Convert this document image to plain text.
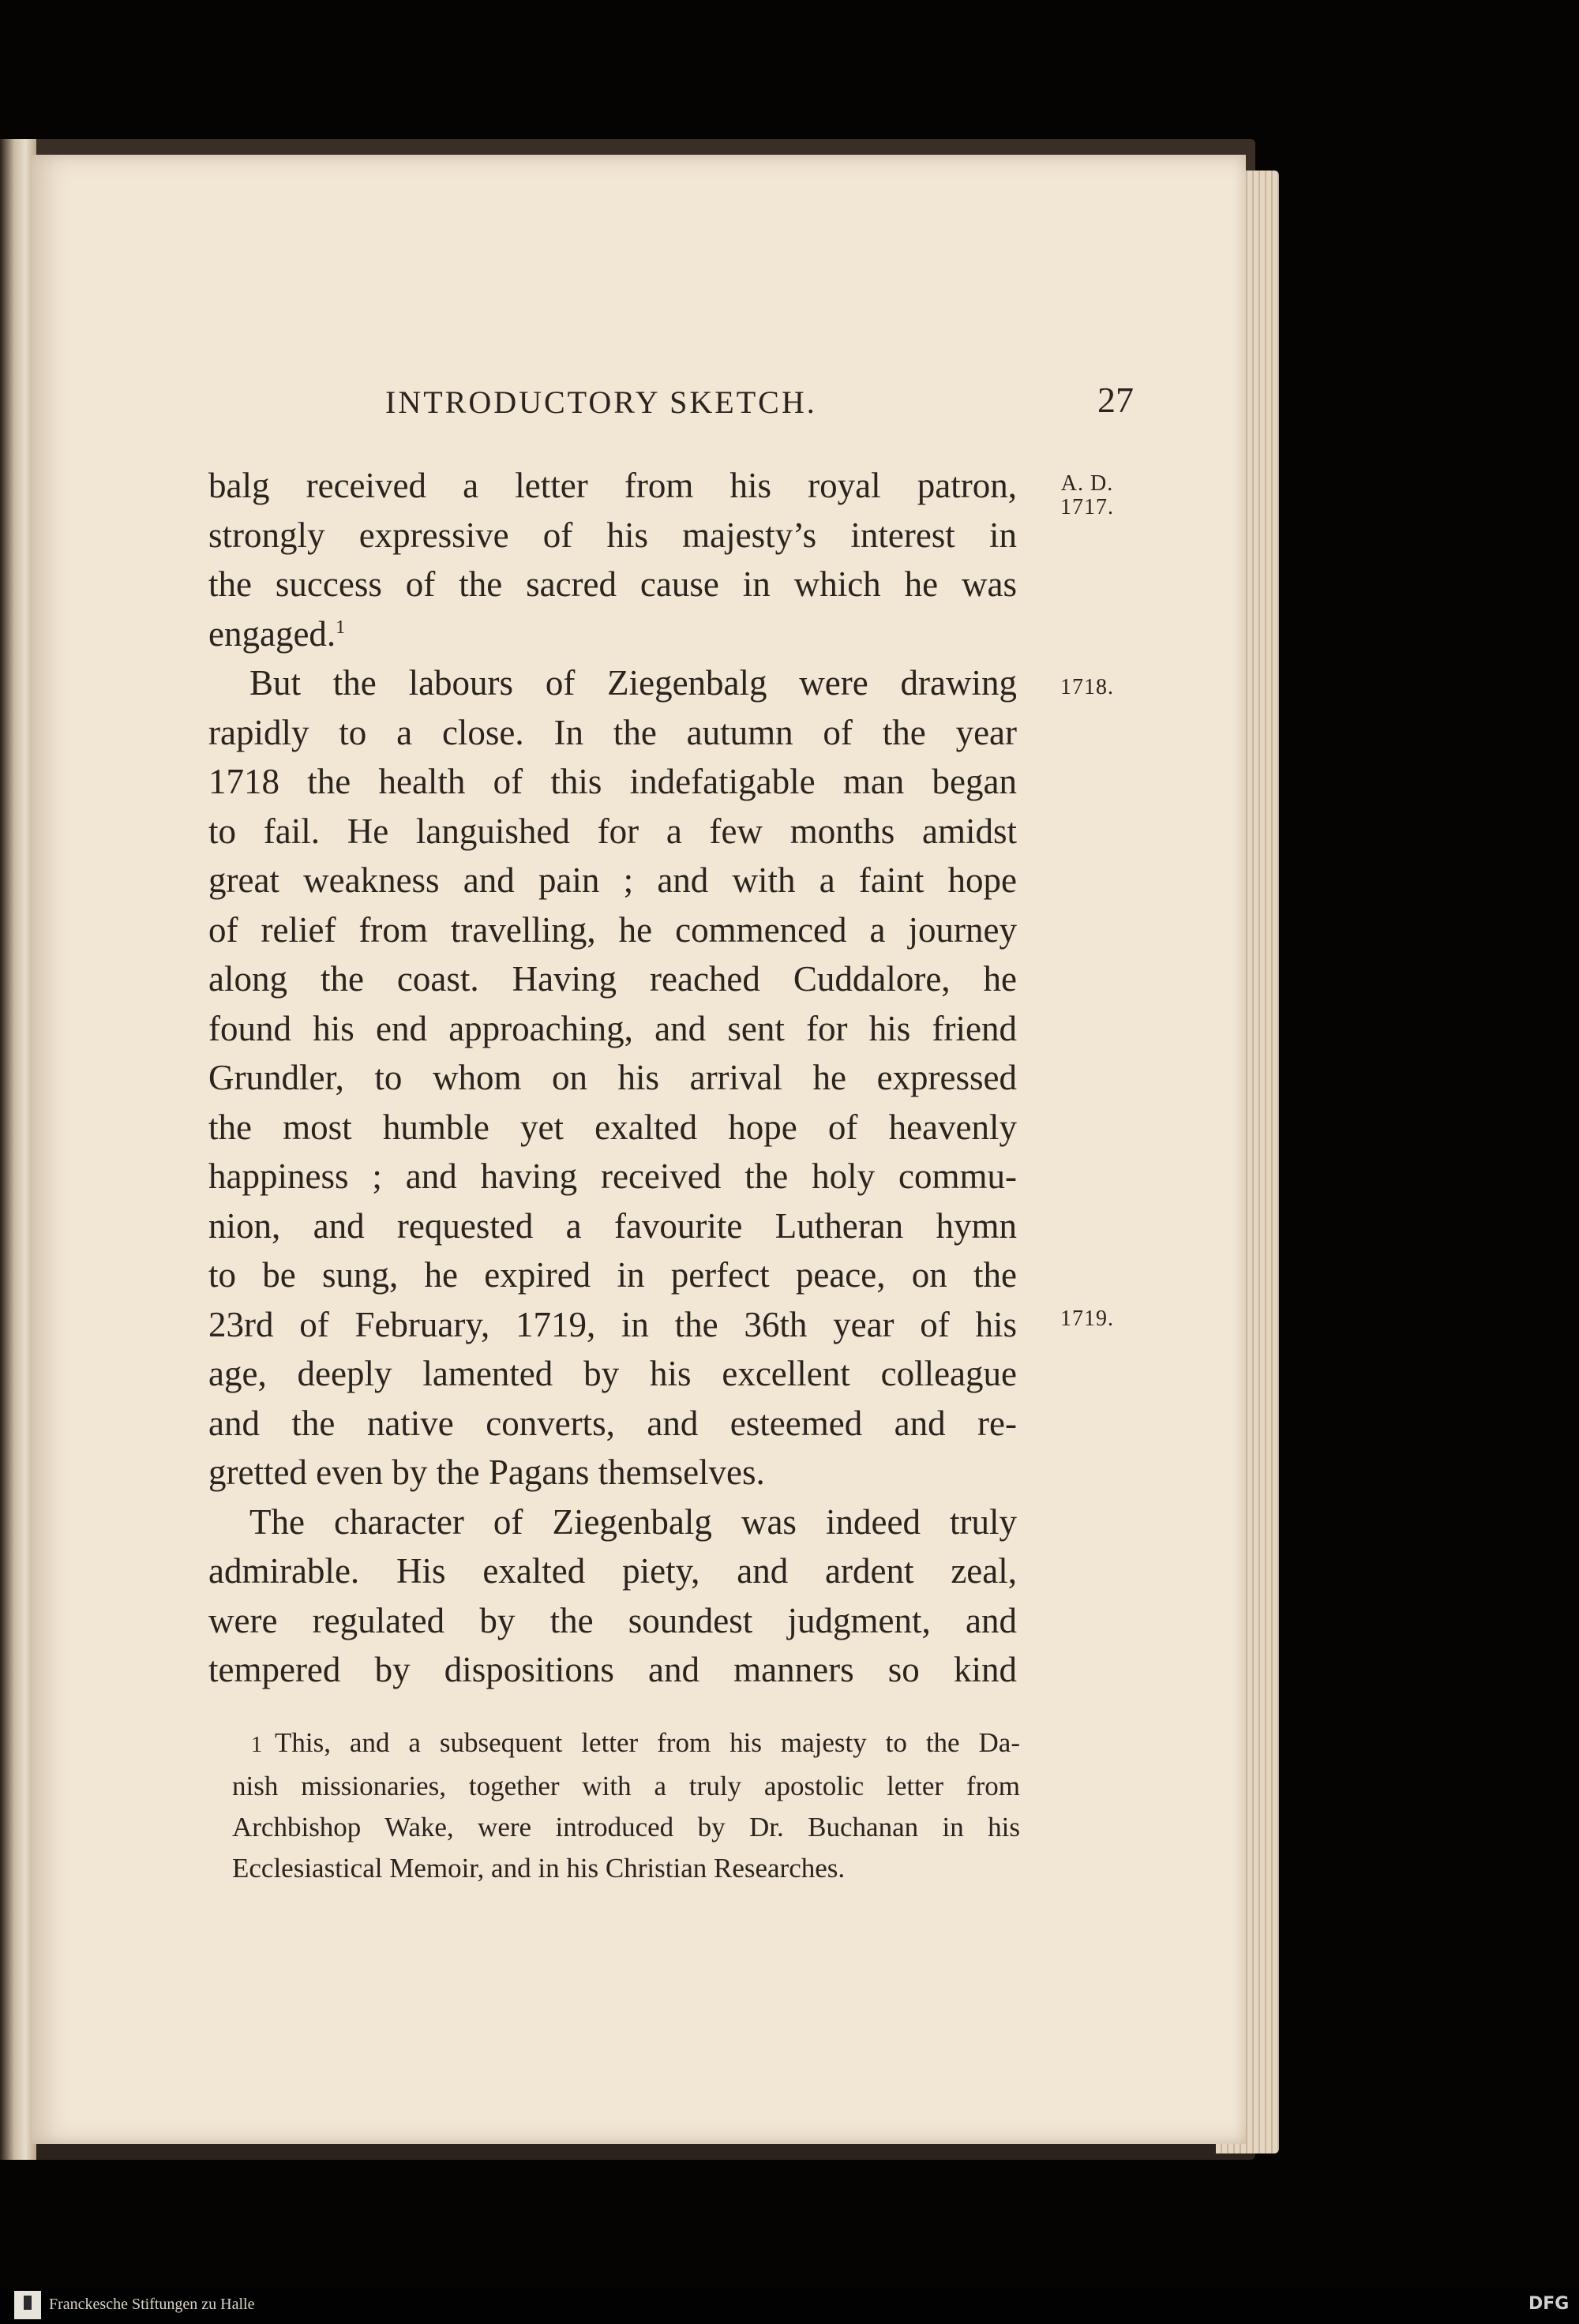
INTRODUCTORY SKETCH.	27
A. D.
1717.
1718.
1719.

balg received a letter from his royal patron,
strongly expressive of his majesty’s interest in
the success of the sacred cause in which he was
engaged.$^1$

But the labours of Ziegenbalg were drawing
rapidly to a close. In the autumn of the year
1718 the health of this indefatigable man began
to fail. He languished for a few months amidst
great weakness and pain ; and with a faint hope
of relief from travelling, he commenced a journey
along the coast. Having reached Cuddalore, he
found his end approaching, and sent for his friend
Grundler, to whom on his arrival he expressed
the most humble yet exalted hope of heavenly
happiness ; and having received the holy commu-
nion, and requested a favourite Lutheran hymn
to be sung, he expired in perfect peace, on the
23rd of February, 1719, in the 36th year of his
age, deeply lamented by his excellent colleague
and the native converts, and esteemed and re-
gretted even by the Pagans themselves.

The character of Ziegenbalg was indeed truly
admirable. His exalted piety, and ardent zeal,
were regulated by the soundest judgment, and
tempered by dispositions and manners so kind

1 This, and a subsequent letter from his majesty to the Da-
nish missionaries, together with a truly apostolic letter from
Archbishop Wake, were introduced by Dr. Buchanan in his
Ecclesiastical Memoir, and in his Christian Researches.
Franckesche Stiftungen zu Halle	DFG
